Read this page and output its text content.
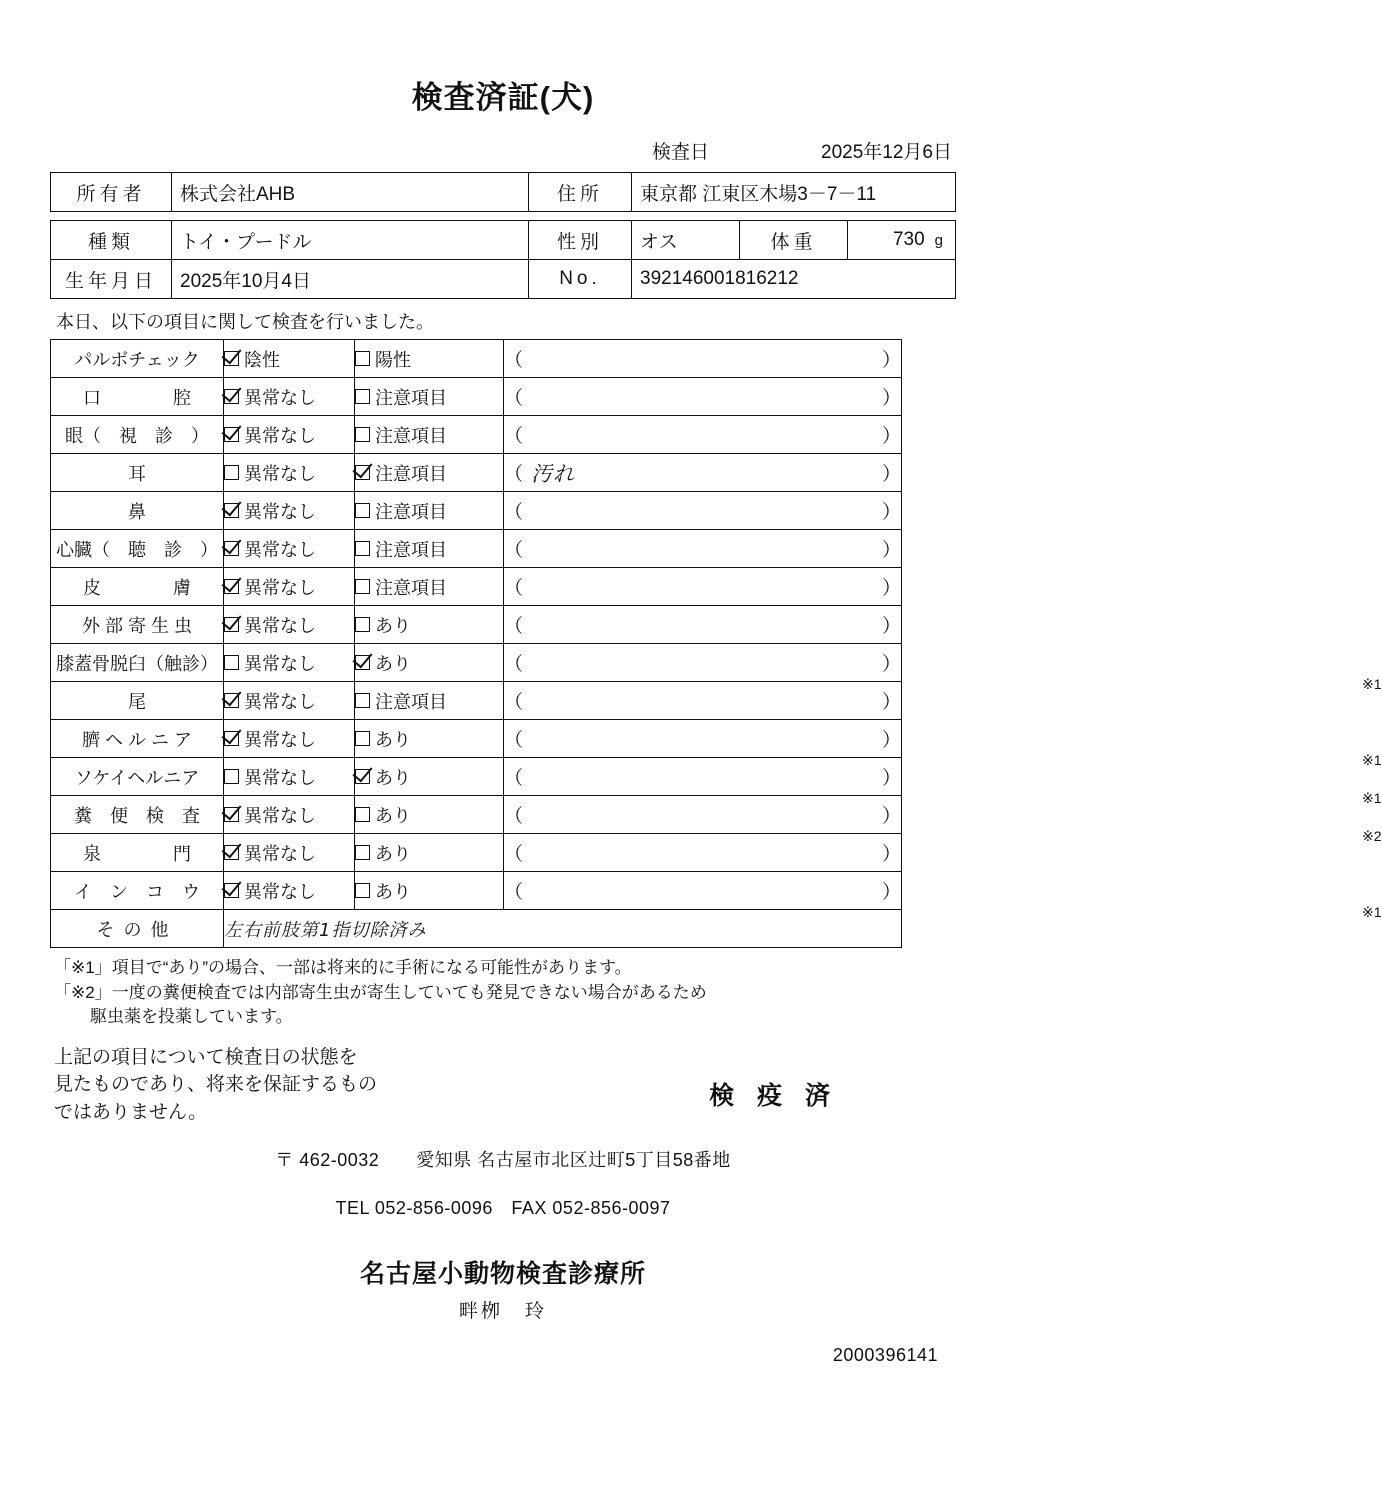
検査済証(犬)
検査日	2025年12月6日
所有者	株式会社AHB	住所	東京都 江東区木場3－7－11		

種類	トイ・プードル	性別	オス	体重	730 g

生年月日	2025年10月4日	No.	392146001816212		
本日、以下の項目に関して検査を行いました。
パルボチェック	陰性	陽性	（ ）

口　　　　腔	異常なし	注意項目	（ ）

眼（　視　診　）	異常なし	注意項目	（ ）

耳	異常なし	注意項目	（ 汚れ ）

鼻	異常なし	注意項目	（ ）

心臓（　聴　診　）	異常なし	注意項目	（ ）

皮　　　　膚	異常なし	注意項目	（ ）

外 部 寄 生 虫	異常なし	あり	（ ）

膝蓋骨脱臼（触診）	異常なし	あり	（ ）
※1

尾	異常なし	注意項目	（ ）

臍 ヘ ル ニ ア	異常なし	あり	（ ）
※1

ソケイヘルニア	異常なし	あり	（ ）
※1

糞　便　検　査	異常なし	あり	（ ）
※2

泉　　　　門	異常なし	あり	（ ）

イ　ン　コ　ウ	異常なし	あり	（ ）
※1

その他	左右前肢第1指切除済み		
「※1」項目で“あり”の場合、一部は将来的に手術になる可能性があります。
「※2」一度の糞便検査では内部寄生虫が寄生していても発見できない場合があるため
駆虫薬を投薬しています。
上記の項目について検査日の状態を
見たものであり、将来を保証するもの
ではありません。
検 疫 済
〒 462-0032　　愛知県 名古屋市北区辻町5丁目58番地
TEL 052-856-0096　FAX 052-856-0097
名古屋小動物検査診療所
畔栁　玲
2000396141
